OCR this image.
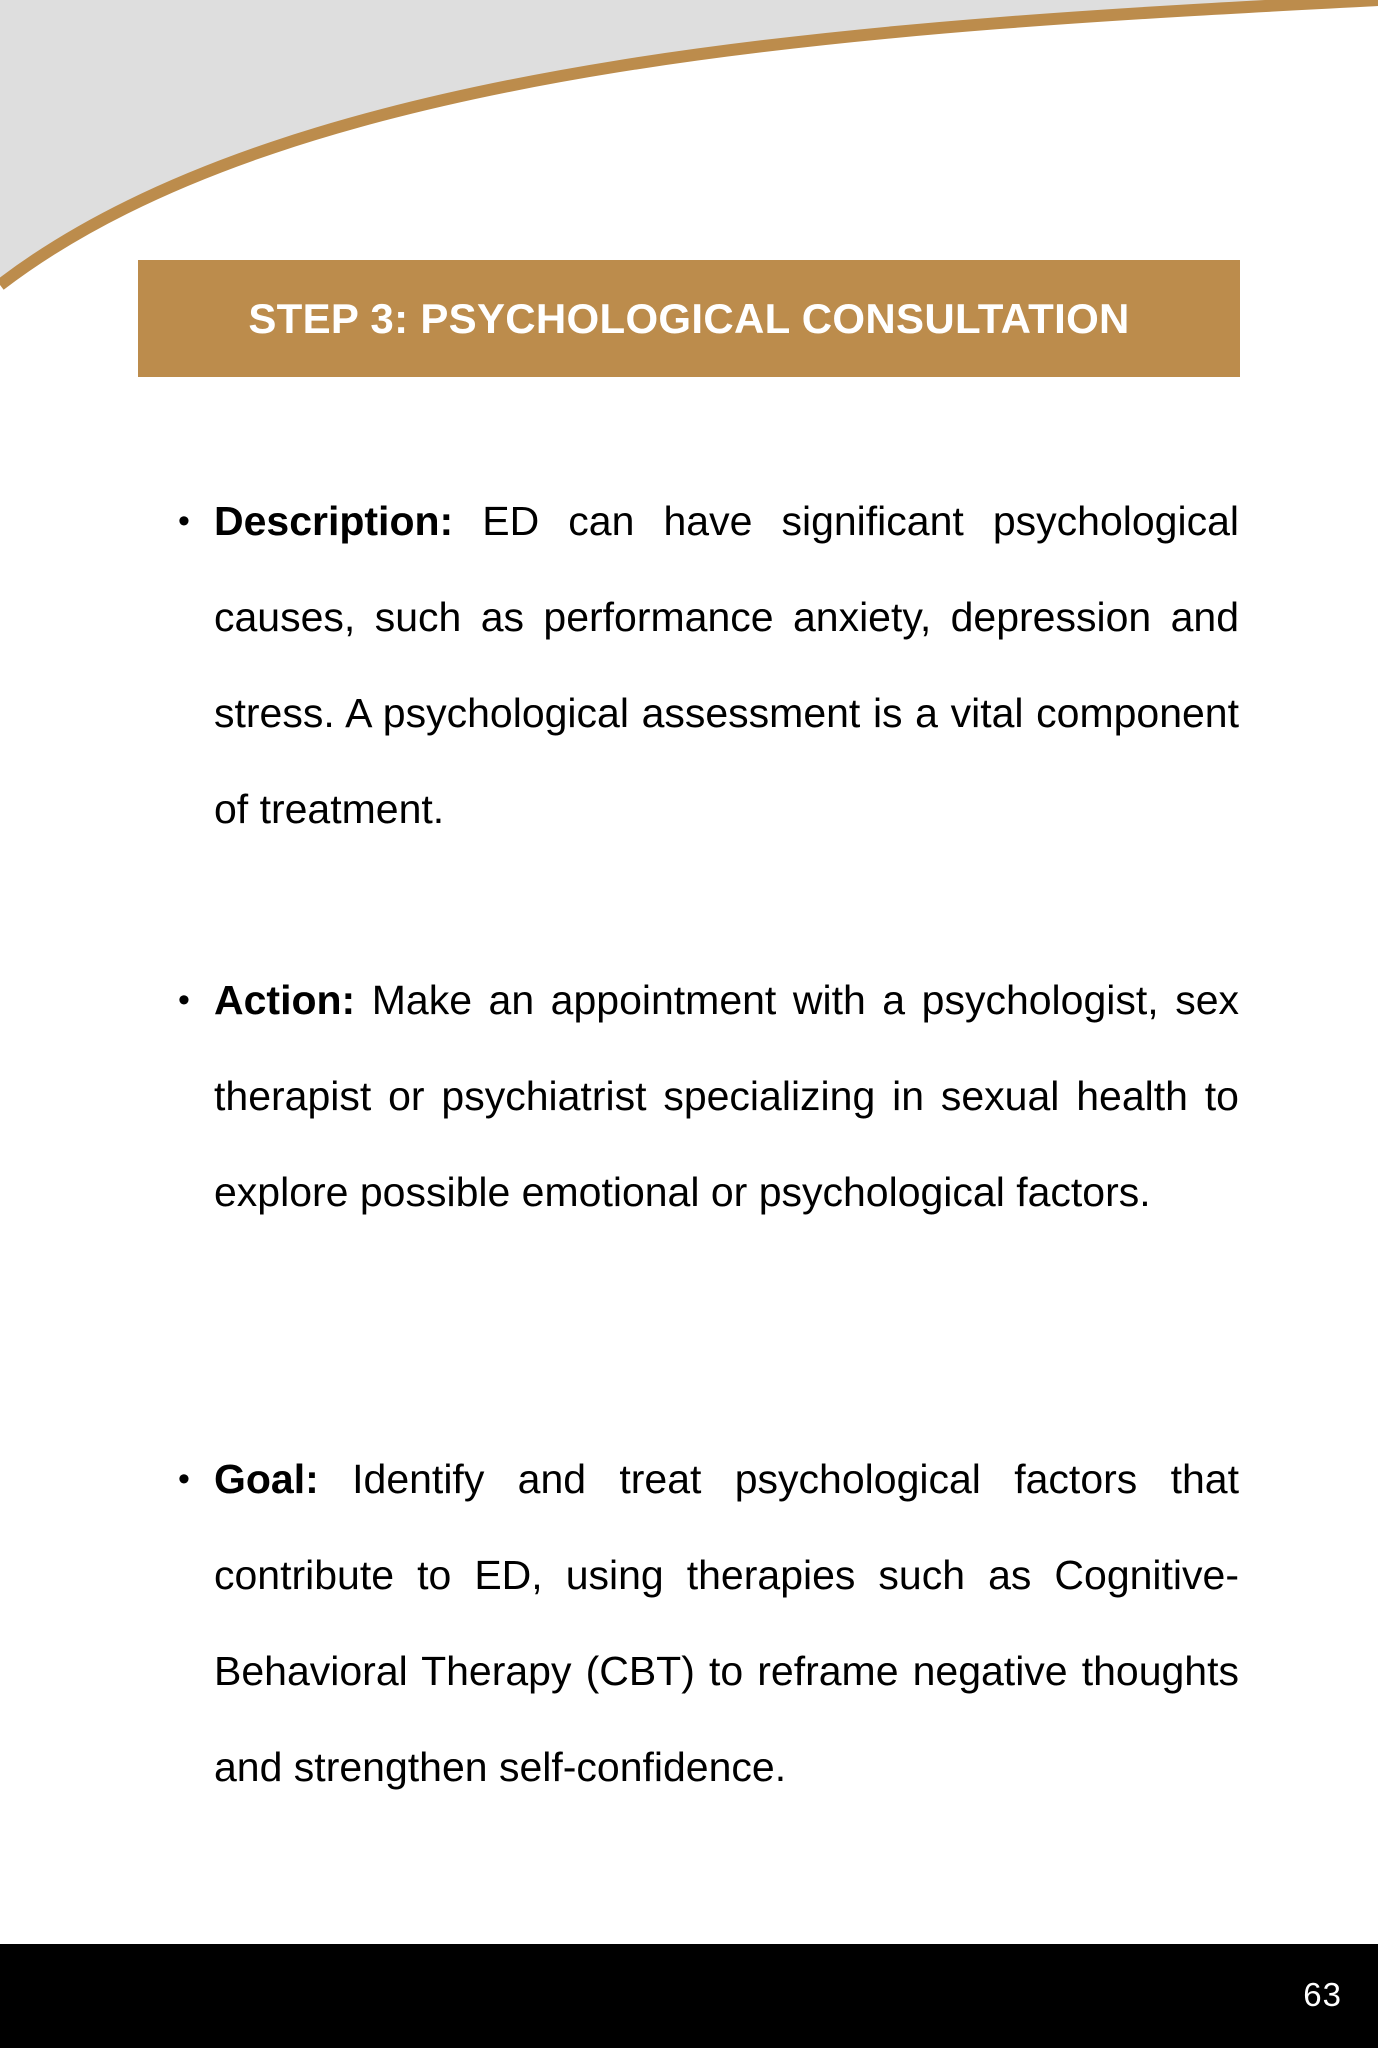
STEP 3: PSYCHOLOGICAL CONSULTATION

• Description: ED can have significant psychological causes, such as performance anxiety, depression and stress. A psychological assessment is a vital component of treatment.

• Action: Make an appointment with a psychologist, sex therapist or psychiatrist specializing in sexual health to explore possible emotional or psychological factors.

• Goal: Identify and treat psychological factors that contribute to ED, using therapies such as Cognitive-Behavioral Therapy (CBT) to reframe negative thoughts and strengthen self-confidence.

63
